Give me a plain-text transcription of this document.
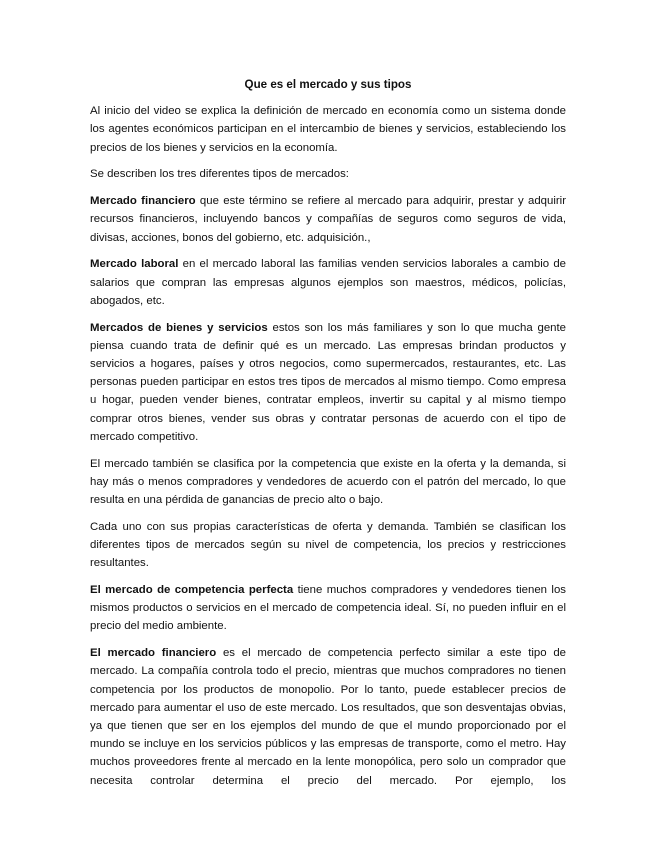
Que es el mercado y sus tipos

Al inicio del video se explica la definición de mercado en economía como un sistema donde los agentes económicos participan en el intercambio de bienes y servicios, estableciendo los precios de los bienes y servicios en la economía.

Se describen los tres diferentes tipos de mercados:

Mercado financiero que este término se refiere al mercado para adquirir, prestar y adquirir recursos financieros, incluyendo bancos y compañías de seguros como seguros de vida, divisas, acciones, bonos del gobierno, etc. adquisición.,

Mercado laboral en el mercado laboral las familias venden servicios laborales a cambio de salarios que compran las empresas algunos ejemplos son maestros, médicos, policías, abogados, etc.

Mercados de bienes y servicios estos son los más familiares y son lo que mucha gente piensa cuando trata de definir qué es un mercado. Las empresas brindan productos y servicios a hogares, países y otros negocios, como supermercados, restaurantes, etc. Las personas pueden participar en estos tres tipos de mercados al mismo tiempo. Como empresa u hogar, pueden vender bienes, contratar empleos, invertir su capital y al mismo tiempo comprar otros bienes, vender sus obras y contratar personas de acuerdo con el tipo de mercado competitivo.

El mercado también se clasifica por la competencia que existe en la oferta y la demanda, si hay más o menos compradores y vendedores de acuerdo con el patrón del mercado, lo que resulta en una pérdida de ganancias de precio alto o bajo.

Cada uno con sus propias características de oferta y demanda. También se clasifican los diferentes tipos de mercados según su nivel de competencia, los precios y restricciones resultantes.

El mercado de competencia perfecta tiene muchos compradores y vendedores tienen los mismos productos o servicios en el mercado de competencia ideal. Sí, no pueden influir en el precio del medio ambiente.

El mercado financiero es el mercado de competencia perfecto similar a este tipo de mercado. La compañía controla todo el precio, mientras que muchos compradores no tienen competencia por los productos de monopolio. Por lo tanto, puede establecer precios de mercado para aumentar el uso de este mercado. Los resultados, que son desventajas obvias, ya que tienen que ser en los ejemplos del mundo de que el mundo proporcionado por el mundo se incluye en los servicios públicos y las empresas de transporte, como el metro. Hay muchos proveedores frente al mercado en la lente monopólica, pero solo un comprador que necesita controlar determina el precio del mercado. Por ejemplo, los
